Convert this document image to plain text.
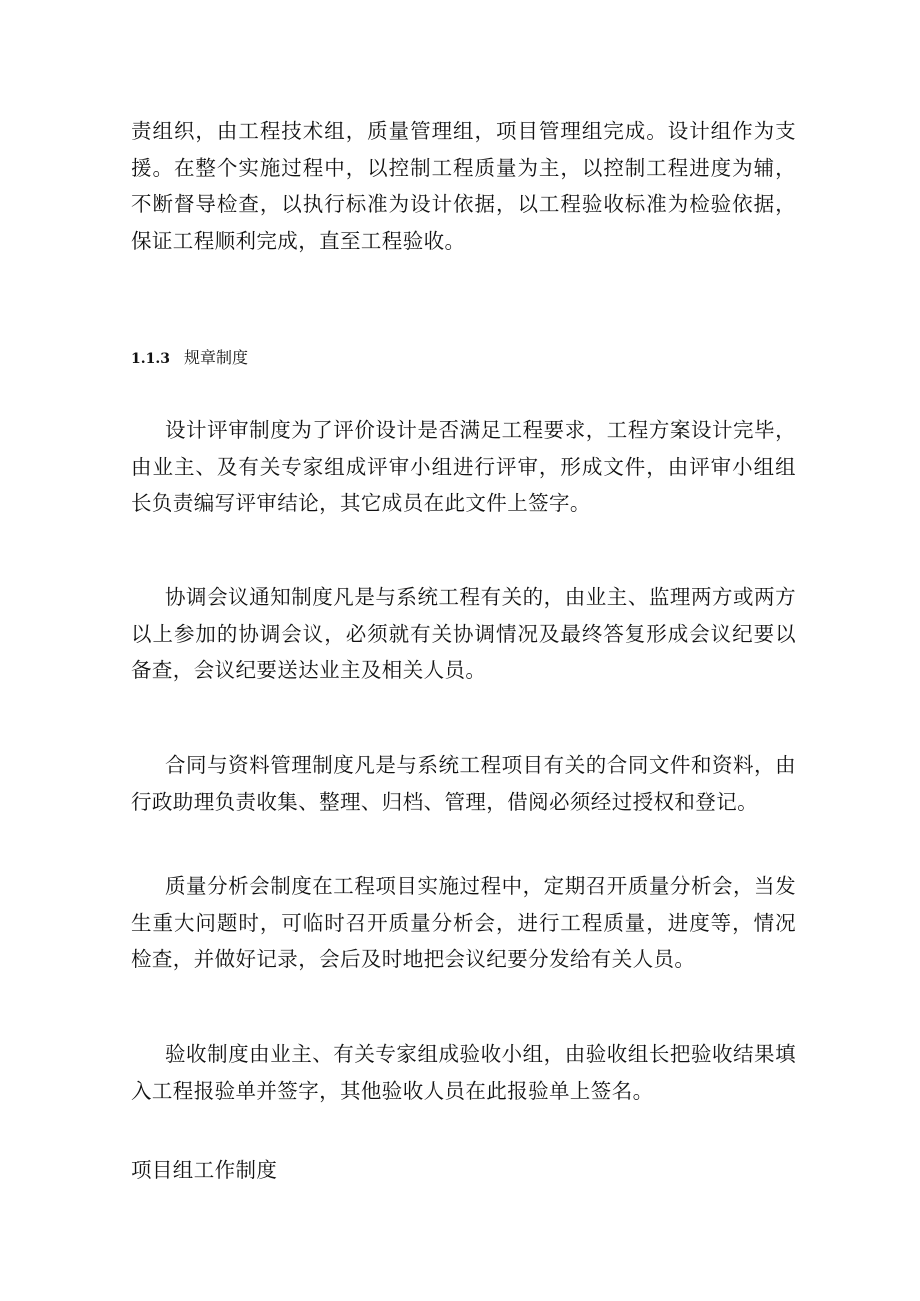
责组织，由工程技术组，质量管理组，项目管理组完成。设计组作为支援。在整个实施过程中，以控制工程质量为主，以控制工程进度为辅，不断督导检查，以执行标准为设计依据，以工程验收标准为检验依据，保证工程顺利完成，直至工程验收。

1.1.3 规章制度

设计评审制度为了评价设计是否满足工程要求，工程方案设计完毕，由业主、及有关专家组成评审小组进行评审，形成文件，由评审小组组长负责编写评审结论，其它成员在此文件上签字。

协调会议通知制度凡是与系统工程有关的，由业主、监理两方或两方以上参加的协调会议，必须就有关协调情况及最终答复形成会议纪要以备查，会议纪要送达业主及相关人员。

合同与资料管理制度凡是与系统工程项目有关的合同文件和资料，由行政助理负责收集、整理、归档、管理，借阅必须经过授权和登记。

质量分析会制度在工程项目实施过程中，定期召开质量分析会，当发生重大问题时，可临时召开质量分析会，进行工程质量，进度等，情况检查，并做好记录，会后及时地把会议纪要分发给有关人员。

验收制度由业主、有关专家组成验收小组，由验收组长把验收结果填入工程报验单并签字，其他验收人员在此报验单上签名。

项目组工作制度
